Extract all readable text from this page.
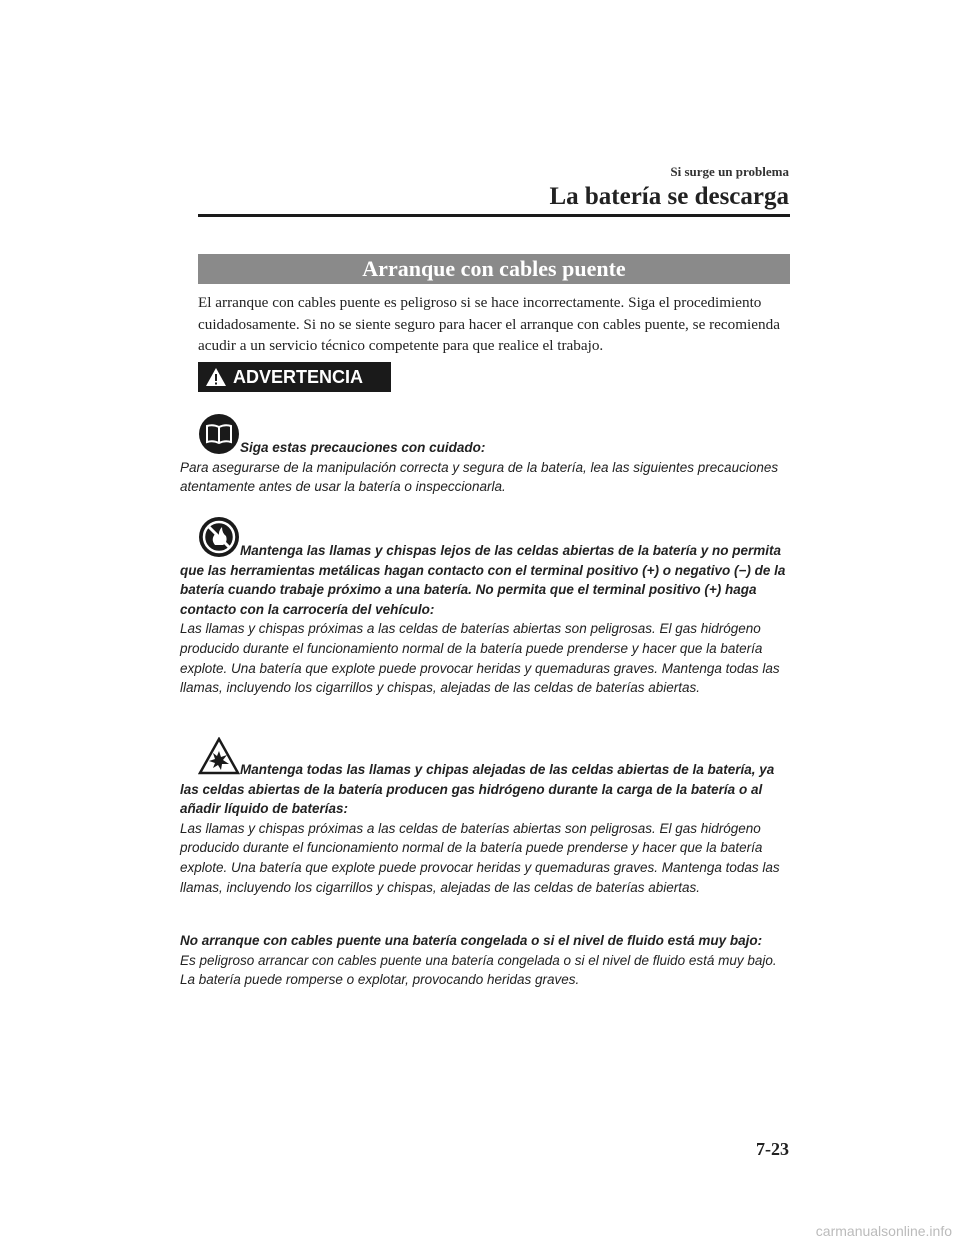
Si surge un problema
La batería se descarga
Arranque con cables puente
El arranque con cables puente es peligroso si se hace incorrectamente. Siga el procedimiento cuidadosamente. Si no se siente seguro para hacer el arranque con cables puente, se recomienda acudir a un servicio técnico competente para que realice el trabajo.
ADVERTENCIA
Siga estas precauciones con cuidado:
Para asegurarse de la manipulación correcta y segura de la batería, lea las siguientes precauciones atentamente antes de usar la batería o inspeccionarla.
Mantenga las llamas y chispas lejos de las celdas abiertas de la batería y no permita que las herramientas metálicas hagan contacto con el terminal positivo (+) o negativo (−) de la batería cuando trabaje próximo a una batería. No permita que el terminal positivo (+) haga contacto con la carrocería del vehículo:
Las llamas y chispas próximas a las celdas de baterías abiertas son peligrosas. El gas hidrógeno producido durante el funcionamiento normal de la batería puede prenderse y hacer que la batería explote. Una batería que explote puede provocar heridas y quemaduras graves. Mantenga todas las llamas, incluyendo los cigarrillos y chispas, alejadas de las celdas de baterías abiertas.
Mantenga todas las llamas y chipas alejadas de las celdas abiertas de la batería, ya las celdas abiertas de la batería producen gas hidrógeno durante la carga de la batería o al añadir líquido de baterías:
Las llamas y chispas próximas a las celdas de baterías abiertas son peligrosas. El gas hidrógeno producido durante el funcionamiento normal de la batería puede prenderse y hacer que la batería explote. Una batería que explote puede provocar heridas y quemaduras graves. Mantenga todas las llamas, incluyendo los cigarrillos y chispas, alejadas de las celdas de baterías abiertas.
No arranque con cables puente una batería congelada o si el nivel de fluido está muy bajo:
Es peligroso arrancar con cables puente una batería congelada o si el nivel de fluido está muy bajo. La batería puede romperse o explotar, provocando heridas graves.
7-23
carmanualsonline.info
